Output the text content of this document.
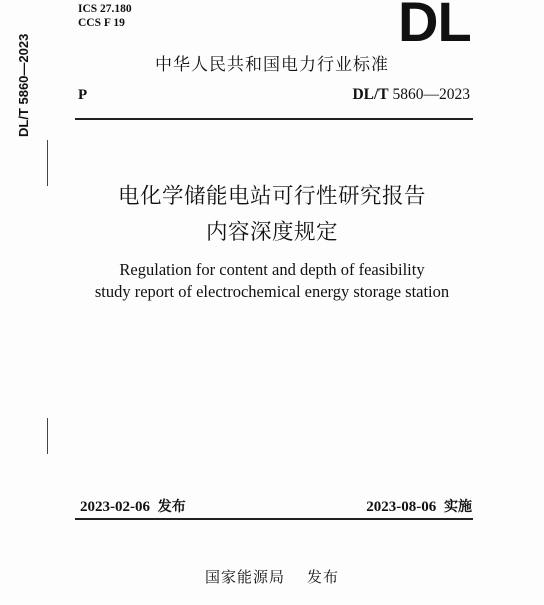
ICS 27.180
CCS F 19	DL
中华人民共和国电力行业标准
P	DL/T 5860—2023
DL/T 5860—2023
电化学储能电站可行性研究报告
内容深度规定
Regulation for content and depth of feasibility
study report of electrochemical energy storage station
2023-02-06 发布	2023-08-06 实施
国家能源局 发布
